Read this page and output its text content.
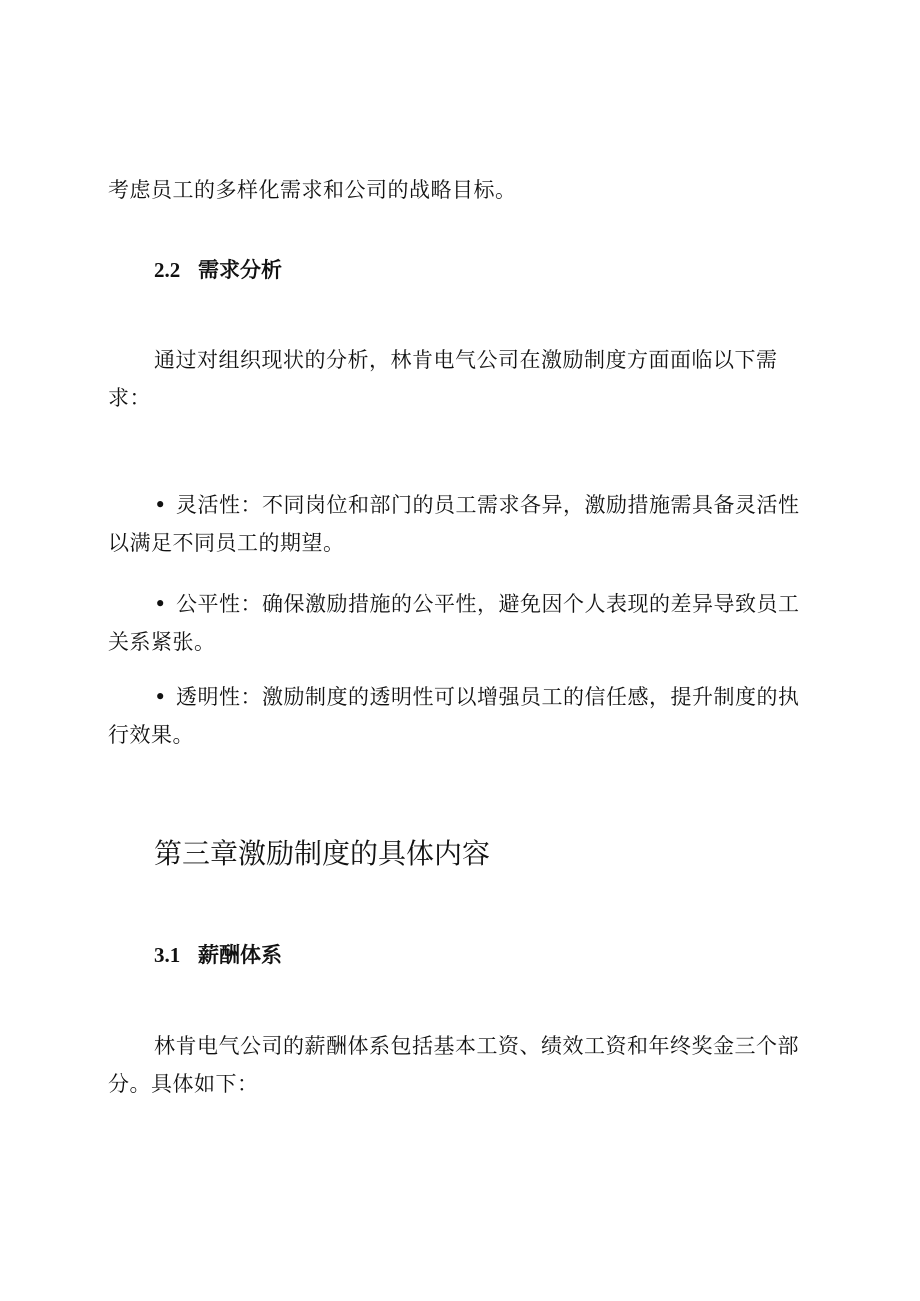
考虑员工的多样化需求和公司的战略目标。
2.2 需求分析
通过对组织现状的分析，林肯电气公司在激励制度方面面临以下需求：
• 灵活性：不同岗位和部门的员工需求各异，激励措施需具备灵活性以满足不同员工的期望。
• 公平性：确保激励措施的公平性，避免因个人表现的差异导致员工关系紧张。
• 透明性：激励制度的透明性可以增强员工的信任感，提升制度的执行效果。
第三章激励制度的具体内容
3.1 薪酬体系
林肯电气公司的薪酬体系包括基本工资、绩效工资和年终奖金三个部分。具体如下：
